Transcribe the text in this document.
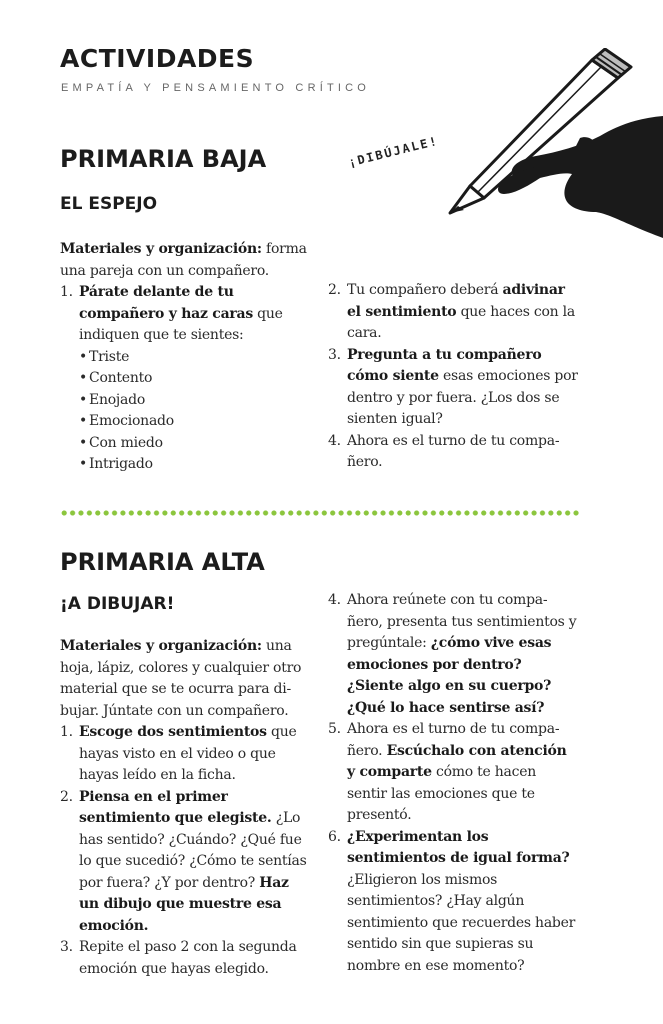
ACTIVIDADES

EMPATÍA Y PENSAMIENTO CRÍTICO

¡DIBÚJALE!
PRIMARIA BAJA
EL ESPEJO

Materiales y organización: forma una pareja con un compañero.

1. Párate delante de tu compañero y haz caras que indiquen que te sientes:
• Triste
• Contento
• Enojado
• Emocionado
• Con miedo
• Intrigado
2. Tu compañero deberá adivinar el sentimiento que haces con la cara.
3. Pregunta a tu compañero cómo siente esas emociones por dentro y por fuera. ¿Los dos se sienten igual?
4. Ahora es el turno de tu compañero.
PRIMARIA ALTA
¡A DIBUJAR!

Materiales y organización: una hoja, lápiz, colores y cualquier otro material que se te ocurra para dibujar. Júntate con un compañero.

1. Escoge dos sentimientos que hayas visto en el video o que hayas leído en la ficha.
2. Piensa en el primer sentimiento que elegiste. ¿Lo has sentido? ¿Cuándo? ¿Qué fue lo que sucedió? ¿Cómo te sentías por fuera? ¿Y por dentro? Haz un dibujo que muestre esa emoción.
3. Repite el paso 2 con la segunda emoción que hayas elegido.
4. Ahora reúnete con tu compañero, presenta tus sentimientos y pregúntale: ¿cómo vive esas emociones por dentro? ¿Siente algo en su cuerpo? ¿Qué lo hace sentirse así?
5. Ahora es el turno de tu compañero. Escúchalo con atención y comparte cómo te hacen sentir las emociones que te presentó.
6. ¿Experimentan los sentimientos de igual forma? ¿Eligieron los mismos sentimientos? ¿Hay algún sentimiento que recuerdes haber sentido sin que supieras su nombre en ese momento?
